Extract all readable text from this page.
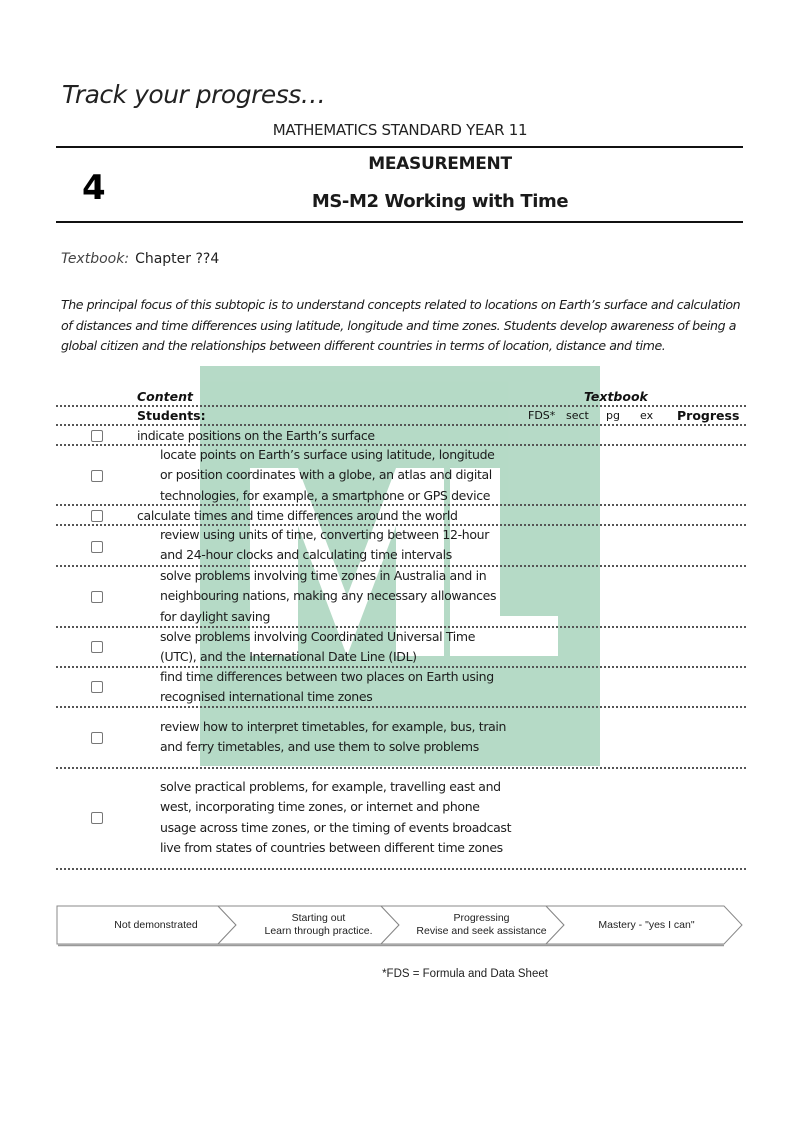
Track your progress…
MATHEMATICS STANDARD YEAR 11
4
MEASUREMENT
MS-M2 Working with Time
Textbook: Chapter ??4
The principal focus of this subtopic is to understand concepts related to locations on Earth’s surface and calculation of distances and time differences using latitude, longitude and time zones. Students develop awareness of being a global citizen and the relationships between different countries in terms of location, distance and time.
Content	Textbook
Students:	FDS* sect pg ex Progress
indicate positions on the Earth’s surface
locate points on Earth’s surface using latitude, longitude
or position coordinates with a globe, an atlas and digital
technologies, for example, a smartphone or GPS device
calculate times and time differences around the world
review using units of time, converting between 12-hour
and 24-hour clocks and calculating time intervals
solve problems involving time zones in Australia and in
neighbouring nations, making any necessary allowances
for daylight saving
solve problems involving Coordinated Universal Time
(UTC), and the International Date Line (IDL)
find time differences between two places on Earth using
recognised international time zones
review how to interpret timetables, for example, bus, train
and ferry timetables, and use them to solve problems
solve practical problems, for example, travelling east and
west, incorporating time zones, or internet and phone
usage across time zones, or the timing of events broadcast
live from states of countries between different time zones
Not demonstrated
Starting out
Learn through practice.
Progressing
Revise and seek assistance
Mastery - "yes I can"
*FDS = Formula and Data Sheet
